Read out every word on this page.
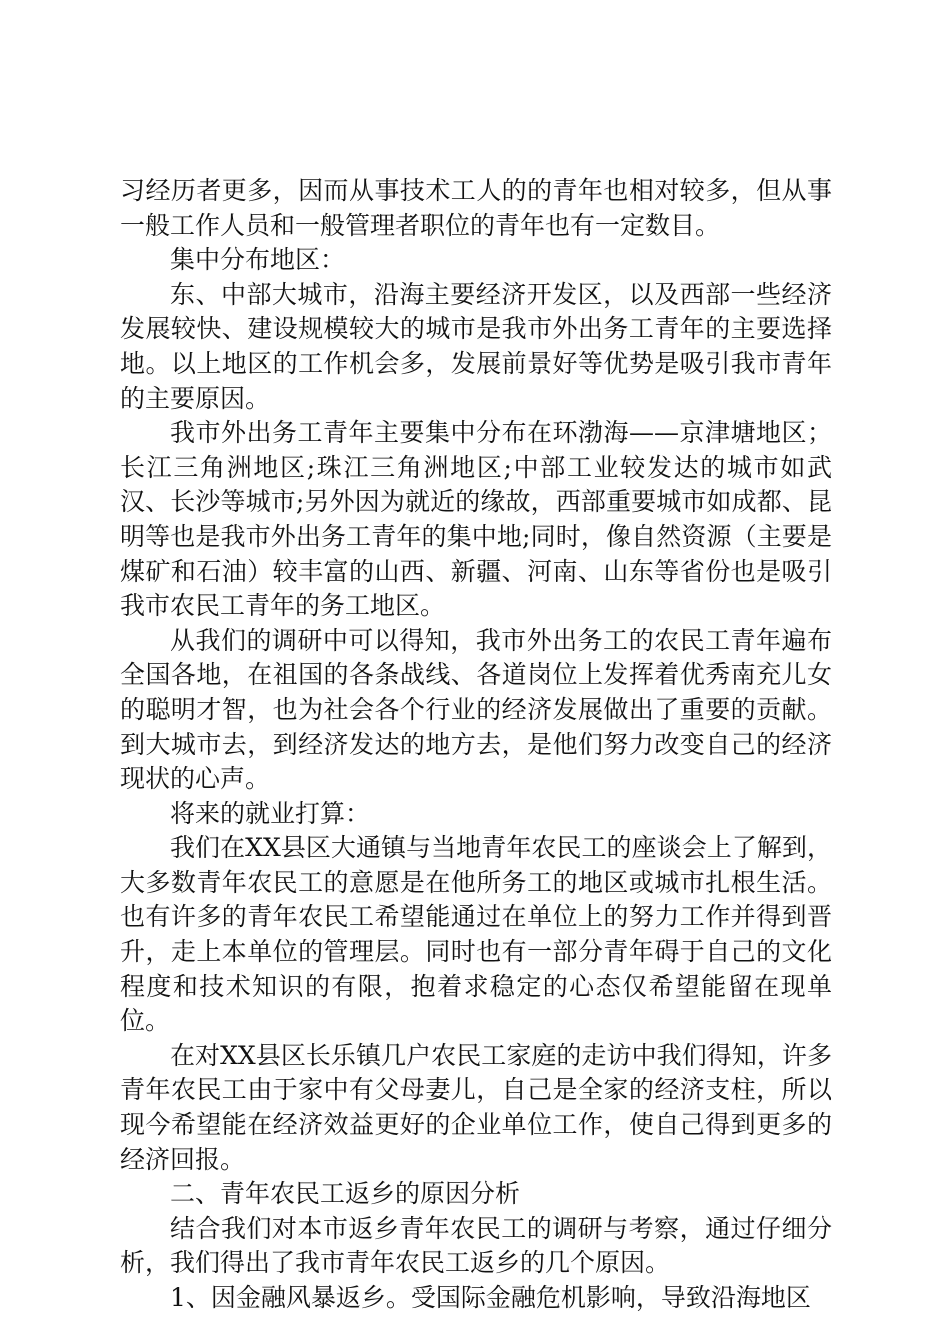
习经历者更多，因而从事技术工人的的青年也相对较多，但从事一般工作人员和一般管理者职位的青年也有一定数目。

集中分布地区：

东、中部大城市，沿海主要经济开发区，以及西部一些经济发展较快、建设规模较大的城市是我市外出务工青年的主要选择地。以上地区的工作机会多，发展前景好等优势是吸引我市青年的主要原因。

我市外出务工青年主要集中分布在环渤海——京津塘地区；长江三角洲地区;珠江三角洲地区;中部工业较发达的城市如武汉、长沙等城市;另外因为就近的缘故，西部重要城市如成都、昆明等也是我市外出务工青年的集中地;同时，像自然资源（主要是煤矿和石油）较丰富的山西、新疆、河南、山东等省份也是吸引我市农民工青年的务工地区。

从我们的调研中可以得知，我市外出务工的农民工青年遍布全国各地，在祖国的各条战线、各道岗位上发挥着优秀南充儿女的聪明才智，也为社会各个行业的经济发展做出了重要的贡献。到大城市去，到经济发达的地方去，是他们努力改变自己的经济现状的心声。

将来的就业打算：

我们在XX县区大通镇与当地青年农民工的座谈会上了解到，大多数青年农民工的意愿是在他所务工的地区或城市扎根生活。也有许多的青年农民工希望能通过在单位上的努力工作并得到晋升，走上本单位的管理层。同时也有一部分青年碍于自己的文化程度和技术知识的有限，抱着求稳定的心态仅希望能留在现单位。

在对XX县区长乐镇几户农民工家庭的走访中我们得知，许多青年农民工由于家中有父母妻儿，自己是全家的经济支柱，所以现今希望能在经济效益更好的企业单位工作，使自己得到更多的经济回报。

二、青年农民工返乡的原因分析

结合我们对本市返乡青年农民工的调研与考察，通过仔细分析，我们得出了我市青年农民工返乡的几个原因。

1、因金融风暴返乡。受国际金融危机影响，导致沿海地区
